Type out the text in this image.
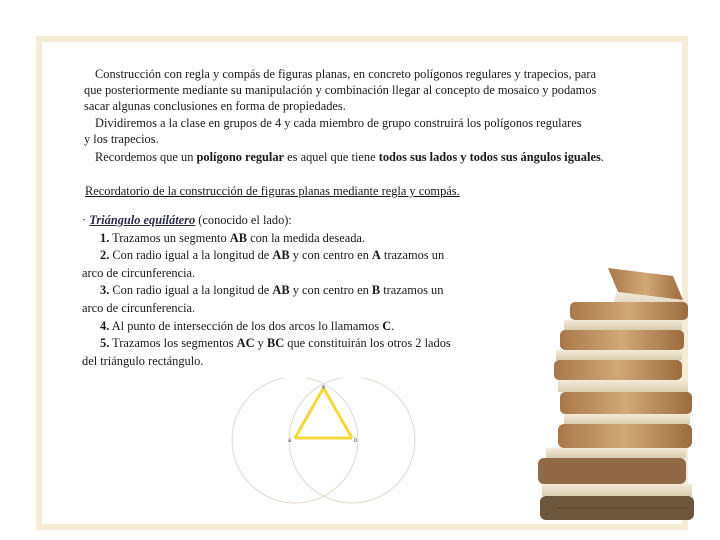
Construcción con regla y compás de figuras planas, en concreto polígonos regulares y trapecios, para
que posteriormente mediante su manipulación y combinación llegar al concepto de mosaico y podamos
sacar algunas conclusiones en forma de propiedades.
Dividiremos a la clase en grupos de 4 y cada miembro de grupo construirá los polígonos regulares
y los trapecios.
Recordemos que un polígono regular es aquel que tiene todos sus lados y todos sus ángulos iguales.
Recordatorio de la construcción de figuras planas mediante regla y compás.
· Triángulo equilátero (conocido el lado):
1. Trazamos un segmento AB con la medida deseada.
2. Con radio igual a la longitud de AB y con centro en A trazamos un
arco de circunferencia.
3. Con radio igual a la longitud de AB y con centro en B trazamos un
arco de circunferencia.
4. Al punto de intersección de los dos arcos lo llamamos C.
5. Trazamos los segmentos AC y BC que constituirán los otros 2 lados
del triángulo rectángulo.
a	b
